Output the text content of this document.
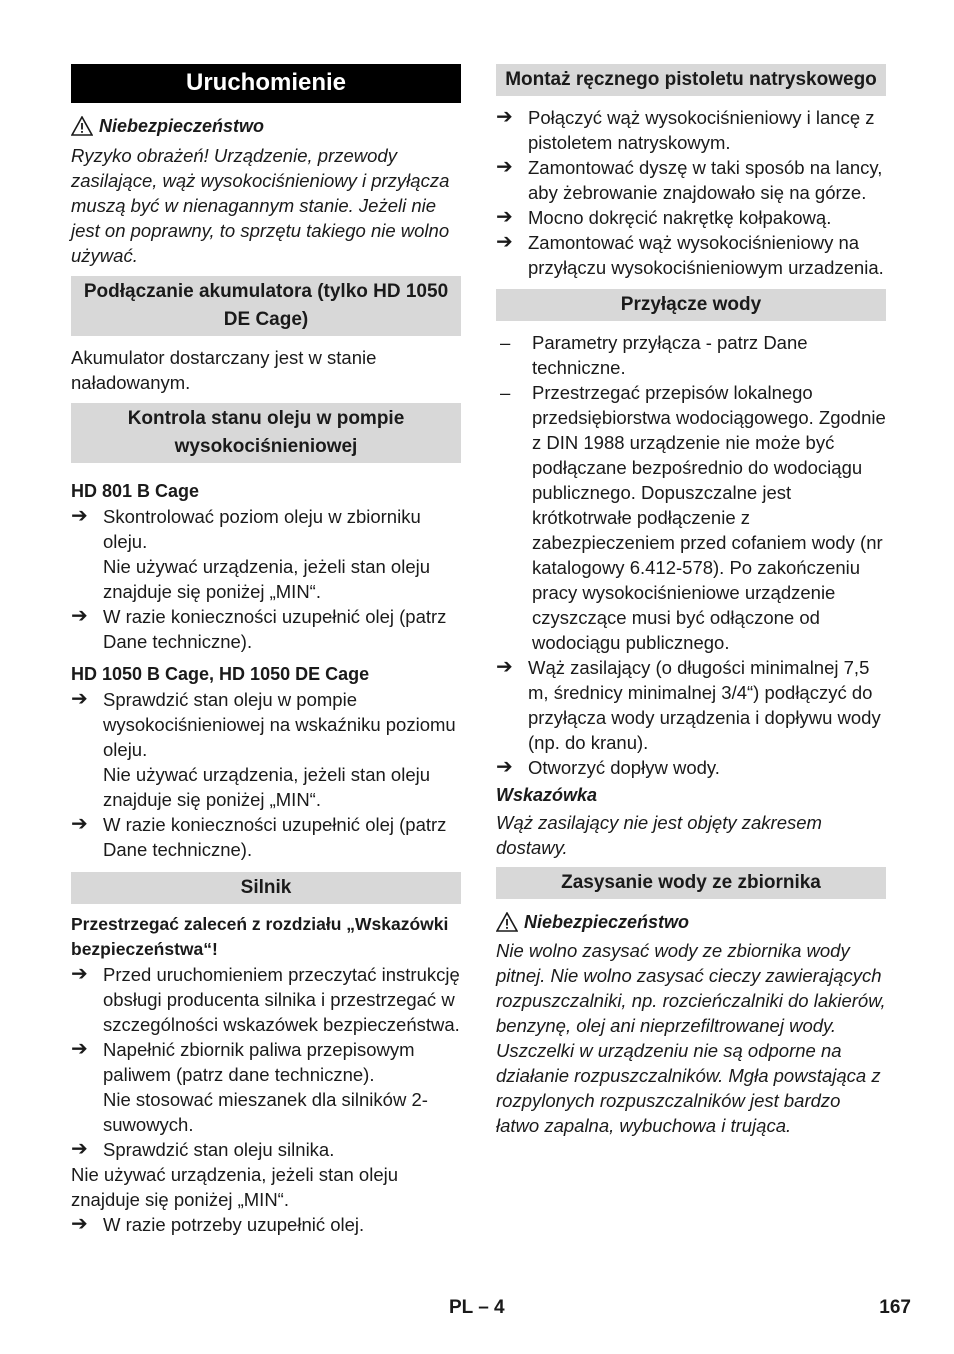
Uruchomienie
Niebezpieczeństwo

Ryzyko obrażeń! Urządzenie, przewody zasilające, wąż wysokociśnieniowy i przyłącza muszą być w nienagannym stanie. Jeżeli nie jest on poprawny, to sprzętu takiego nie wolno używać.

Podłączanie akumulatora (tylko HD 1050 DE Cage)

Akumulator dostarczany jest w stanie naładowanym.

Kontrola stanu oleju w pompie wysokociśnieniowej

HD 801 B Cage

➔ Skontrolować poziom oleju w zbiorniku oleju.

Nie używać urządzenia, jeżeli stan oleju znajduje się poniżej „MIN“.

➔ W razie konieczności uzupełnić olej (patrz Dane techniczne).

HD 1050 B Cage, HD 1050 DE Cage

➔ Sprawdzić stan oleju w pompie wysokociśnieniowej na wskaźniku poziomu oleju.

Nie używać urządzenia, jeżeli stan oleju znajduje się poniżej „MIN“.

➔ W razie konieczności uzupełnić olej (patrz Dane techniczne).
Silnik

Przestrzegać zaleceń z rozdziału „Wskazówki bezpieczeństwa“!

➔ Przed uruchomieniem przeczytać instrukcję obsługi producenta silnika i przestrzegać w szczególności wskazówek bezpieczeństwa.
➔ Napełnić zbiornik paliwa przepisowym paliwem (patrz dane techniczne).

Nie stosować mieszanek dla silników 2-suwowych.

➔ Sprawdzić stan oleju silnika.

Nie używać urządzenia, jeżeli stan oleju znajduje się poniżej „MIN“.

➔ W razie potrzeby uzupełnić olej.
Montaż ręcznego pistoletu natryskowego
➔ Połączyć wąż wysokociśnieniowy i lancę z pistoletem natryskowym.
➔ Zamontować dyszę w taki sposób na lancy, aby żebrowanie znajdowało się na górze.
➔ Mocno dokręcić nakrętkę kołpakową.
➔ Zamontować wąż wysokociśnieniowy na przyłączu wysokociśnieniowym urzadzenia.
Przyłącze wody
–	Parametry przyłącza - patrz Dane techniczne.
–	Przestrzegać przepisów lokalnego przedsiębiorstwa wodociągowego. Zgodnie z DIN 1988 urządzenie nie może być podłączane bezpośrednio do wodociągu publicznego. Dopuszczalne jest krótkotrwałe podłączenie z zabezpieczeniem przed cofaniem wody (nr katalogowy 6.412-578). Po zakończeniu pracy wysokociśnieniowe urządzenie czyszczące musi być odłączone od wodociągu publicznego.
➔ Wąż zasilający (o długości minimalnej 7,5 m, średnicy minimalnej 3/4“) podłączyć do przyłącza wody urządzenia i dopływu wody (np. do kranu).
➔ Otworzyć dopływ wody.

Wskazówka

Wąż zasilający nie jest objęty zakresem dostawy.

Zasysanie wody ze zbiornika
Niebezpieczeństwo

Nie wolno zasysać wody ze zbiornika wody pitnej. Nie wolno zasysać cieczy zawierających rozpuszczalniki, np. rozcieńczalniki do lakierów, benzynę, olej ani nieprzefiltrowanej wody. Uszczelki w urządzeniu nie są odporne na działanie rozpuszczalników. Mgła powstająca z rozpylonych rozpuszczalników jest bardzo łatwo zapalna, wybuchowa i trująca.

PL – 4	167
